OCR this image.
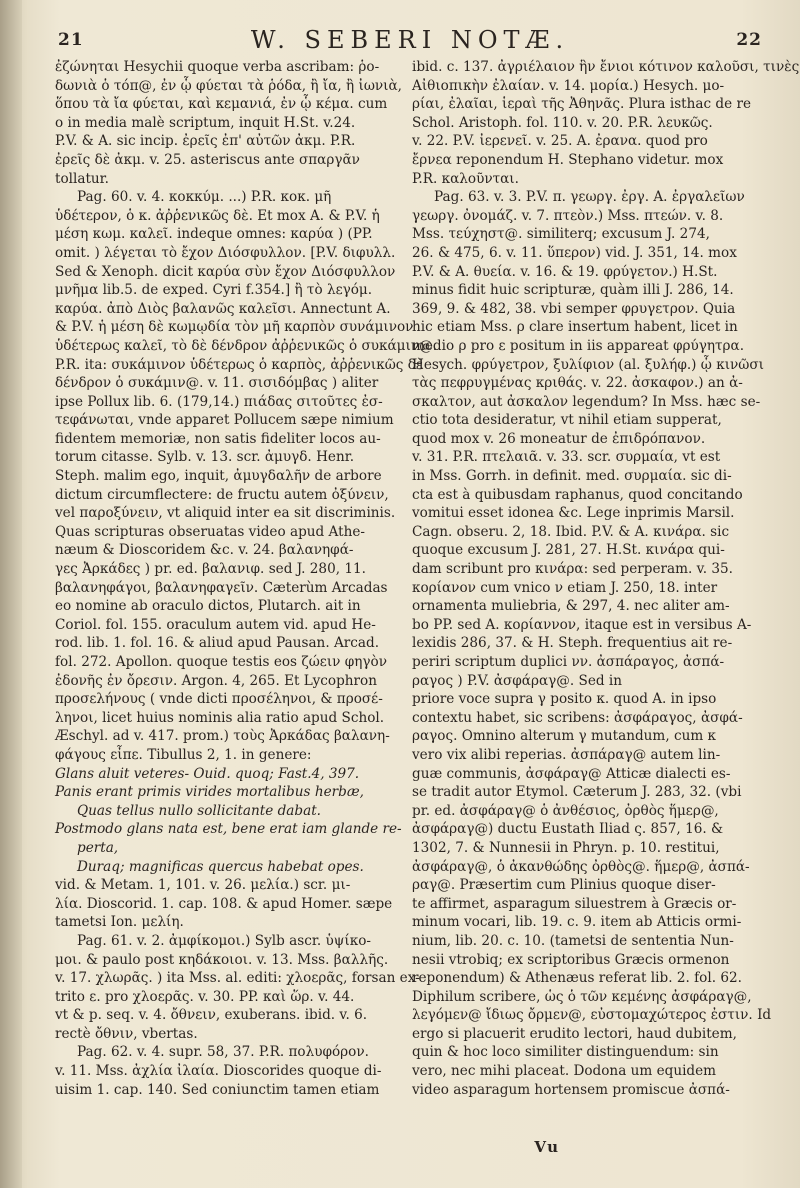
21	W. SEBERI NOTÆ.	22
ἐζώνηται Hesychii quoque verba ascribam: ῥο-
δωνιὰ ὁ τόπ@, ἐν ᾧ φύεται τὰ ῥόδα, ἢ ἴα, ἢ ἰωνιὰ,
ὅπου τὰ ἴα φύεται, καὶ κεμανιά, ἐν ᾧ κέμα. cum
ο in media malè scriptum, inquit H.St. v.24.
P.V. & A. sic incip. ἐρεῖς ἐπ' αὐτῶν ἀκμ. P.R.
ἐρεῖς δὲ ἀκμ. v. 25. asteriscus ante σπαργᾶν
tollatur.
Pag. 60. v. 4. κοκκύμ. ...) P.R. κοκ. μῆ
ὑδέτερον, ὁ κ. ἀῤῥενικῶς δὲ. Et mox A. & P.V. ἡ
μέση κωμ. καλεῖ. indeque omnes: καρύα ) (PP.
omit. ) λέγεται τὸ ἔχον Διόσφυλλον. [P.V. διφυλλ.
Sed & Xenoph. dicit καρύα σὺν ἔχον Διόσφυλλον
μνῆμα lib.5. de exped. Cyri f.354.] ἢ τὸ λεγόμ.
καρύα. ἀπὸ Διὸς βαλανῶς καλεῖσι. Annectunt A.
& P.V. ἡ μέση δὲ κωμῳδία τὸν μῆ καρπὸν συνάμινον
ὑδέτερως καλεῖ, τὸ δὲ δένδρον ἀῤῥενικῶς ὁ συκάμιν@.
P.R. ita: συκάμινον ὑδέτερως ὁ καρπὸς, ἀῤῥενικῶς δὲ
δένδρον ὁ συκάμιν@. v. 11. σισιδόμβας ) aliter
ipse Pollux lib. 6. (179,14.) πιάδας σιτοῦτες ἐσ-
τεφάνωται, vnde apparet Pollucem sæpe nimium
fidentem memoriæ, non satis fideliter locos au-
torum citasse. Sylb. v. 13. scr. ἀμυγδ. Henr.
Steph. malim ego, inquit, ἀμυγδαλῆν de arbore
dictum circumflectere: de fructu autem ὀξύνειν,
vel παροξύνειν, vt aliquid inter ea sit discriminis.
Quas scripturas obseruatas video apud Athe-
næum & Dioscoridem &c. v. 24. βαλανηφά-
γες Ἀρκάδες ) pr. ed. βαλανιφ. sed J. 280, 11.
βαλανηφάγοι, βαλανηφαγεῖν. Cæterùm Arcadas
eo nomine ab oraculo dictos, Plutarch. ait in
Coriol. fol. 155. oraculum autem vid. apud He-
rod. lib. 1. fol. 16. & aliud apud Pausan. Arcad.
fol. 272. Apollon. quoque testis eos ζώειν φηγὸν
ἐδονῆς ἐν ὄρεσιν. Argon. 4, 265. Et Lycophron
προσελήνους ( vnde dicti προσέληνοι, & προσέ-
ληνοι, licet huius nominis alia ratio apud Schol.
Æschyl. ad v. 417. prom.) τοὺς Ἀρκάδας βαλανη-
φάγους εἶπε. Tibullus 2, 1. in genere:
Glans aluit veteres- Ouid. quoq; Fast.4, 397.
Panis erant primis virides mortalibus herbæ,
Quas tellus nullo sollicitante dabat.
Postmodo glans nata est, bene erat iam glande re-
perta,
Duraq; magnificas quercus habebat opes.
vid. & Metam. 1, 101. v. 26. μελία.) scr. μι-
λία. Dioscorid. 1. cap. 108. & apud Homer. sæpe
tametsi Ion. μελίη.
Pag. 61. v. 2. ἀμφίκομοι.) Sylb ascr. ὑψίκο-
μοι. & paulo post κηδάκοιοι. v. 13. Mss. βαλλῆς.
v. 17. χλωρᾶς. ) ita Mss. al. editi: χλοερᾶς, forsan ex-
trito ε. pro χλοερᾶς. v. 30. PP. καὶ ὥρ. v. 44.
vt & p. seq. v. 4. ὄθνειν, exuberans. ibid. v. 6.
rectè ὄθνιν, vbertas.
Pag. 62. v. 4. supr. 58, 37. P.R. πολυφόρον.
v. 11. Mss. ἀχλία ἰλαία. Dioscorides quoque di-
uisim 1. cap. 140. Sed coniunctim tamen etiam
ibid. c. 137. ἀγριέλαιον ἣν ἔνιοι κότινον καλοῦσι, τινὲς
Αἰθιοπικὴν ἐλαίαν. v. 14. μορία.) Hesych. μο-
ρίαι, ἐλαῖαι, ἱεραὶ τῆς Ἀθηνᾶς. Plura isthac de re
Schol. Aristoph. fol. 110. v. 20. P.R. λευκῶς.
v. 22. P.V. ἰερενεῖ. v. 25. A. ἐρανα. quod pro
ἔρνεα reponendum H. Stephano videtur. mox
P.R. καλοῦνται.
Pag. 63. v. 3. P.V. π. γεωργ. ἐργ. A. ἐργαλεῖων
γεωργ. ὀνομάζ. v. 7. πτεὸν.) Mss. πτεών. v. 8.
Mss. τεύχηστ@. similiterq; excusum J. 274,
26. & 475, 6. v. 11. ὕπερον) vid. J. 351, 14. mox
P.V. & A. θυεία. v. 16. & 19. φρύγετον.) H.St.
minus fidit huic scripturæ, quàm illi J. 286, 14.
369, 9. & 482, 38. vbi semper φρυγετρον. Quia
hic etiam Mss. ρ clare insertum habent, licet in
medio ρ pro ε positum in iis appareat φρύγητρα.
Hesych. φρύγετρον, ξυλίφιον (al. ξυλήφ.) ᾧ κινῶσι
τὰς πεφρυγμένας κριθάς. v. 22. ἀσκαφον.) an ἀ-
σκαλτον, aut ἀσκαλον legendum? In Mss. hæc se-
ctio tota desideratur, vt nihil etiam supperat,
quod mox v. 26 moneatur de ἐπιδρόπανον.
v. 31. P.R. πτελαιᾶ. v. 33. scr. συρμαία, vt est
in Mss. Gorrh. in definit. med. συρμαία. sic di-
cta est à quibusdam raphanus, quod concitando
vomitui esset idonea &c. Lege inprimis Marsil.
Cagn. obseru. 2, 18. Ibid. P.V. & A. κινάρα. sic
quoque excusum J. 281, 27. H.St. κινάρα qui-
dam scribunt pro κινάρα: sed perperam. v. 35.
κορίανον cum vnico ν etiam J. 250, 18. inter
ornamenta muliebria, & 297, 4. nec aliter am-
bo PP. sed A. κορίαννον, itaque est in versibus A-
lexidis 286, 37. & H. Steph. frequentius ait re-
periri scriptum duplici νν. ἀσπάραγος, ἀσπά-
ραγος ) P.V. ἀσφάραγ@. Sed in
priore voce supra γ posito κ. quod A. in ipso
contextu habet, sic scribens: ἀσφάραγος, ἀσφά-
ραγος. Omnino alterum γ mutandum, cum κ
vero vix alibi reperias. ἀσπάραγ@ autem lin-
guæ communis, ἀσφάραγ@ Atticæ dialecti es-
se tradit autor Etymol. Cæterum J. 283, 32. (vbi
pr. ed. ἀσφάραγ@ ὁ ἀνθέσιος, ὀρθὸς ἥμερ@,
ἀσφάραγ@) ductu Eustath Iliad ς. 857, 16. &
1302, 7. & Nunnesii in Phryn. p. 10. restitui,
ἀσφάραγ@, ὁ ἀκανθώδης ὀρθὸς@. ἥμερ@, ἀσπά-
ραγ@. Præsertim cum Plinius quoque diser-
te affirmet, asparagum siluestrem à Græcis or-
minum vocari, lib. 19. c. 9. item ab Atticis ormi-
nium, lib. 20. c. 10. (tametsi de sententia Nun-
nesii vtrobiq; ex scriptoribus Græcis ormenon
reponendum) & Athenæus referat lib. 2. fol. 62.
Diphilum scribere, ὡς ὁ τῶν κεμένης ἀσφάραγ@,
λεγόμεν@ ἴδιως ὄρμεν@, εὐστομαχώτερος ἐστιν. Id
ergo si placuerit erudito lectori, haud dubitem,
quin & hoc loco similiter distinguendum: sin
vero, nec mihi placeat. Dodona um equidem
video asparagum hortensem promiscue ἀσπά-
Vu
